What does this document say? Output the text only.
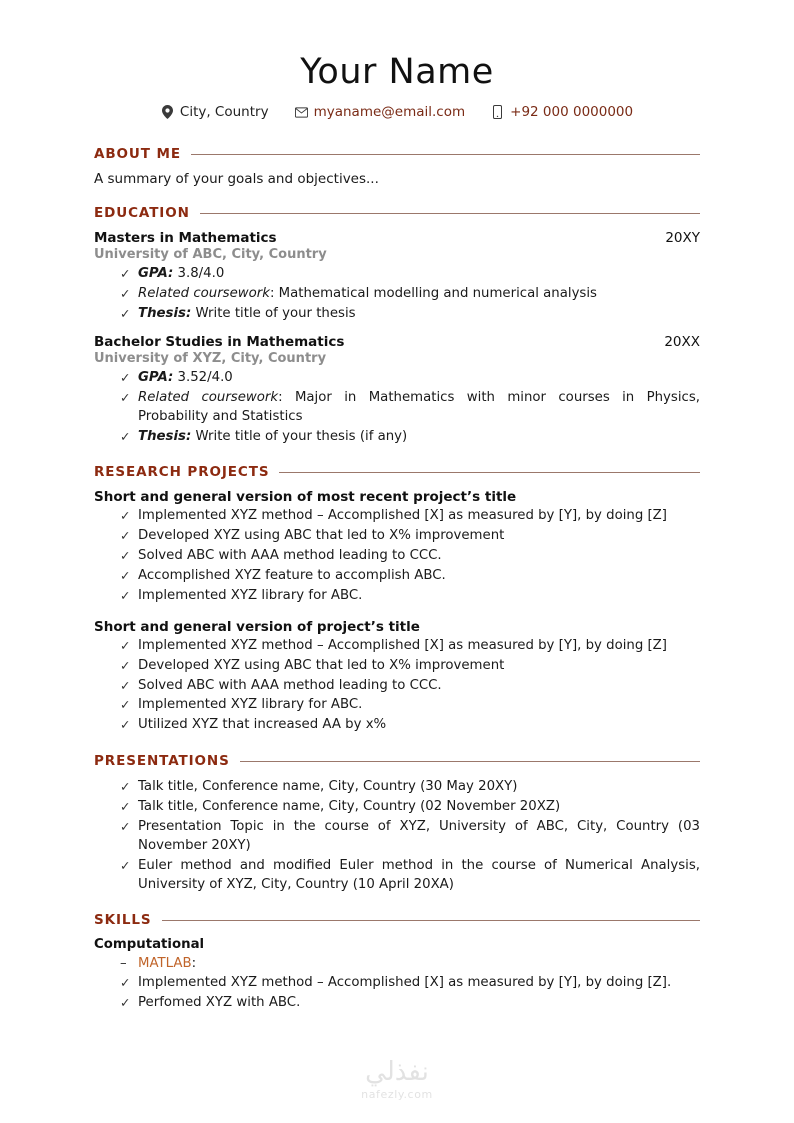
Your Name
City, Country	myaname@email.com	+92 000 0000000
ABOUT ME

A summary of your goals and objectives...

EDUCATION
Masters in Mathematics	20XY
University of ABC, City, Country
✓ GPA: 3.8/4.0
✓ Related coursework: Mathematical modelling and numerical analysis
✓ Thesis: Write title of your thesis
Bachelor Studies in Mathematics	20XX
University of XYZ, City, Country
✓ GPA: 3.52/4.0
✓ Related coursework: Major in Mathematics with minor courses in Physics, Probability and Statistics
✓ Thesis: Write title of your thesis (if any)
RESEARCH PROJECTS
Short and general version of most recent project’s title
✓ Implemented XYZ method – Accomplished [X] as measured by [Y], by doing [Z]
✓ Developed XYZ using ABC that led to X% improvement
✓ Solved ABC with AAA method leading to CCC.
✓ Accomplished XYZ feature to accomplish ABC.
✓ Implemented XYZ library for ABC.
Short and general version of project’s title
✓ Implemented XYZ method – Accomplished [X] as measured by [Y], by doing [Z]
✓ Developed XYZ using ABC that led to X% improvement
✓ Solved ABC with AAA method leading to CCC.
✓ Implemented XYZ library for ABC.
✓ Utilized XYZ that increased AA by x%
PRESENTATIONS
✓ Talk title, Conference name, City, Country (30 May 20XY)
✓ Talk title, Conference name, City, Country (02 November 20XZ)
✓ Presentation Topic in the course of XYZ, University of ABC, City, Country (03 November 20XY)
✓ Euler method and modified Euler method in the course of Numerical Analysis, University of XYZ, City, Country (10 April 20XA)
SKILLS
Computational
– MATLAB:
✓ Implemented XYZ method – Accomplished [X] as measured by [Y], by doing [Z].
✓ Perfomed XYZ with ABC.
نفذلي
nafezly.com
